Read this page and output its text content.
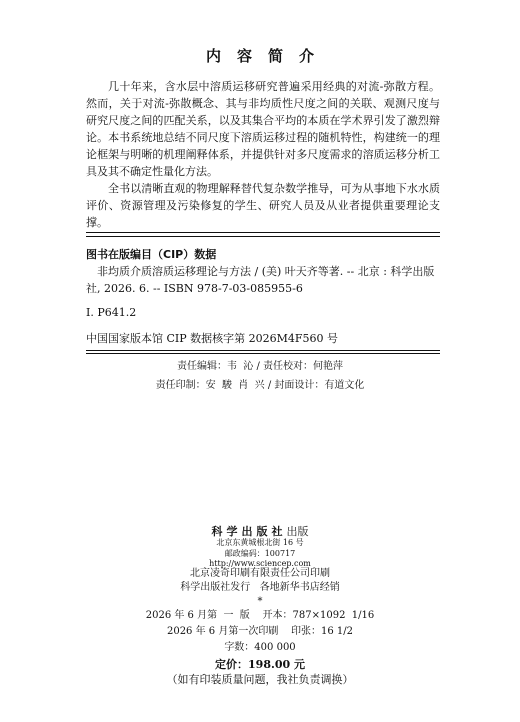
内容简介
几十年来，含水层中溶质运移研究普遍采用经典的对流-弥散方程。然而，关于对流-弥散概念、其与非均质性尺度之间的关联、观测尺度与研究尺度之间的匹配关系，以及其集合平均的本质在学术界引发了激烈辩论。本书系统地总结不同尺度下溶质运移过程的随机特性，构建统一的理论框架与明晰的机理阐释体系，并提供针对多尺度需求的溶质运移分析工具及其不确定性量化方法。
全书以清晰直观的物理解释替代复杂数学推导，可为从事地下水水质评价、资源管理及污染修复的学生、研究人员及从业者提供重要理论支撑。
图书在版编目（CIP）数据
非均质介质溶质运移理论与方法 / (美) 叶天齐等著. -- 北京 : 科学出版社, 2026. 6. -- ISBN 978-7-03-085955-6
Ⅰ. P641.2
中国国家版本馆 CIP 数据核字第 2026M4F560 号
责任编辑：韦  沁 / 责任校对：何艳萍
责任印制：安  駿  肖  兴 / 封面设计：有道文化
科学出版社出版
北京东黄城根北街 16 号
邮政编码：100717
http://www.sciencep.com
北京凌奇印刷有限责任公司印刷
科学出版社发行   各地新华书店经销
*
2026 年 6 月第  一  版    开本：787×1092  1/16
2026 年 6 月第一次印刷    印张：16 1/2
字数：400 000
定价：198.00 元
（如有印装质量问题，我社负责调换）
